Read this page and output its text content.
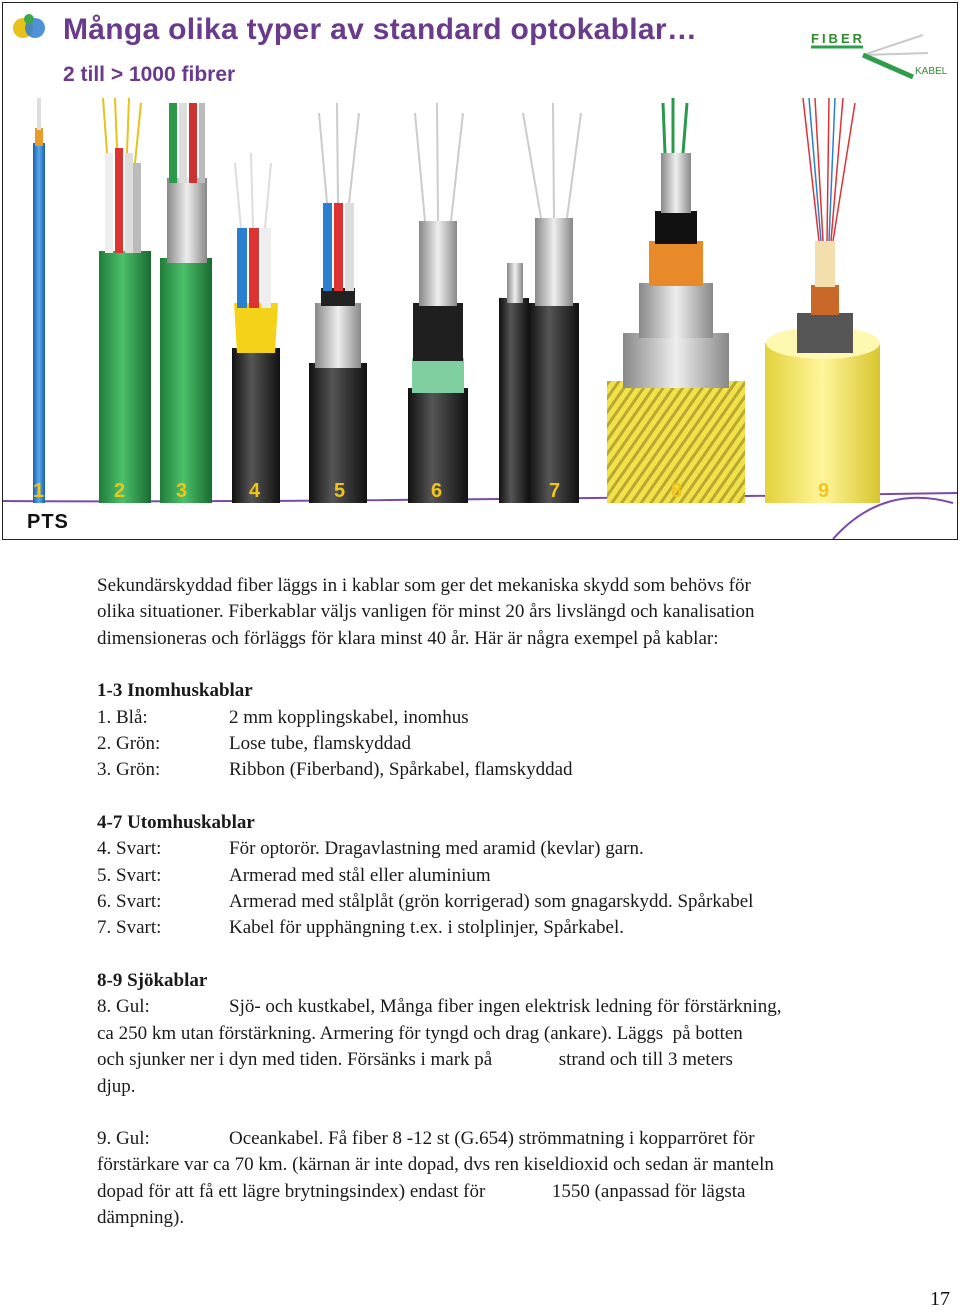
Många olika typer av standard optokablar…
2 till > 1000 fibrer
FIBER
KABEL
1	2	3	4	5	6	7	8	9
PTS

Sekundärskyddad fiber läggs in i kablar som ger det mekaniska skydd som behövs för

olika situationer. Fiberkablar väljs vanligen för minst 20 års livslängd och kanalisation

dimensioneras och förläggs för klara minst 40 år. Här är några exempel på kablar:

1-3 Inomhuskablar

1. Blå:	2 mm kopplingskabel, inomhus
2. Grön:	Lose tube, flamskyddad
3. Grön:	Ribbon (Fiberband), Spårkabel, flamskyddad

4-7 Utomhuskablar

4. Svart:	För optorör. Dragavlastning med aramid (kevlar) garn.
5. Svart:	Armerad med stål eller aluminium
6. Svart:	Armerad med stålplåt (grön korrigerad) som gnagarskydd. Spårkabel
7. Svart:	Kabel för upphängning t.ex. i stolplinjer, Spårkabel.

8-9 Sjökablar

8. Gul:	Sjö- och kustkabel, Många fiber ingen elektrisk ledning för förstärkning,

ca 250 km utan förstärkning. Armering för tyngd och drag (ankare). Läggs  på botten

och sjunker ner i dyn med tiden. Försänks i mark på              strand och till 3 meters

djup.

9. Gul:	Oceankabel. Få fiber 8 -12 st (G.654) strömmatning i kopparröret för

förstärkare var ca 70 km. (kärnan är inte dopad, dvs ren kiseldioxid och sedan är manteln

dopad för att få ett lägre brytningsindex) endast för              1550 (anpassad för lägsta

dämpning).

17
